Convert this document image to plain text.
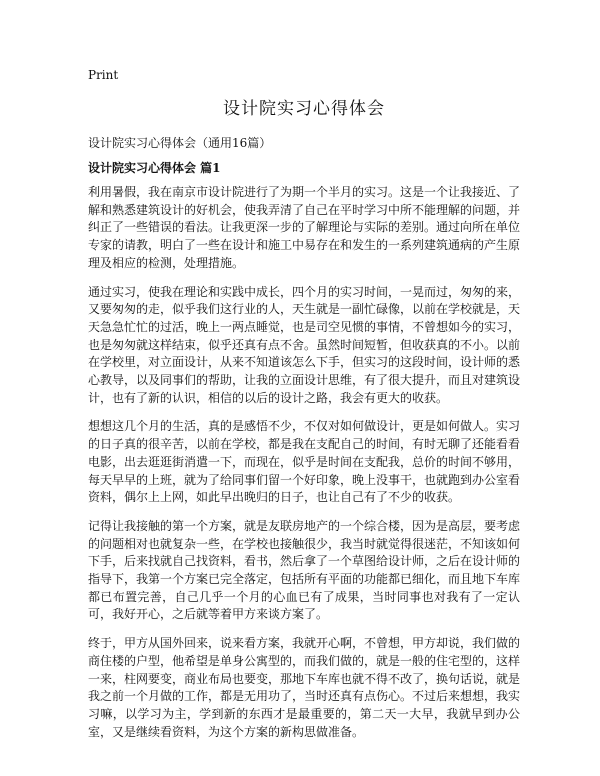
Print
设计院实习心得体会
设计院实习心得体会（通用16篇）
设计院实习心得体会 篇1

利用暑假，我在南京市设计院进行了为期一个半月的实习。这是一个让我接近、了解和熟悉建筑设计的好机会，使我弄清了自己在平时学习中所不能理解的问题，并纠正了一些错误的看法。让我更深一步的了解理论与实际的差别。通过向所在单位专家的请教，明白了一些在设计和施工中易存在和发生的一系列建筑通病的产生原理及相应的检测，处理措施。

通过实习，使我在理论和实践中成长，四个月的实习时间，一晃而过，匆匆的来，又要匆匆的走，似乎我们这行业的人，天生就是一副忙碌像，以前在学校就是，天天急急忙忙的过活，晚上一两点睡觉，也是司空见惯的事情，不曾想如今的实习，也是匆匆就这样结束，似乎还真有点不舍。虽然时间短暂，但收获真的不小。以前在学校里，对立面设计，从来不知道该怎么下手，但实习的这段时间，设计师的悉心教导，以及同事们的帮助，让我的立面设计思维，有了很大提升，而且对建筑设计，也有了新的认识，相信的以后的设计之路，我会有更大的收获。

想想这几个月的生活，真的是感悟不少，不仅对如何做设计，更是如何做人。实习的日子真的很辛苦，以前在学校，都是我在支配自己的时间，有时无聊了还能看看电影，出去逛逛街消遣一下，而现在，似乎是时间在支配我，总价的时间不够用，每天早早的上班，就为了给同事们留一个好印象，晚上没事干，也就跑到办公室看资料，偶尔上上网，如此早出晚归的日子，也让自己有了不少的收获。

记得让我接触的第一个方案，就是友联房地产的一个综合楼，因为是高层，要考虑的问题相对也就复杂一些，在学校也接触很少，我当时就觉得很迷茫，不知该如何下手，后来找就自己找资料，看书，然后拿了一个草图给设计师，之后在设计师的指导下，我第一个方案已完全落定，包括所有平面的功能都已细化，而且地下车库都已布置完善，自己几乎一个月的心血已有了成果，当时同事也对我有了一定认可，我好开心，之后就等着甲方来谈方案了。

终于，甲方从国外回来，说来看方案，我就开心啊，不曾想，甲方却说，我们做的商住楼的户型，他希望是单身公寓型的，而我们做的，就是一般的住宅型的，这样一来，柱网要变，商业布局也要变，那地下车库也就不得不改了，换句话说，就是我之前一个月做的工作，都是无用功了，当时还真有点伤心。不过后来想想，我实习嘛，以学习为主，学到新的东西才是最重要的，第二天一大早，我就早到办公室，又是继续看资料，为这个方案的新构思做准备。
